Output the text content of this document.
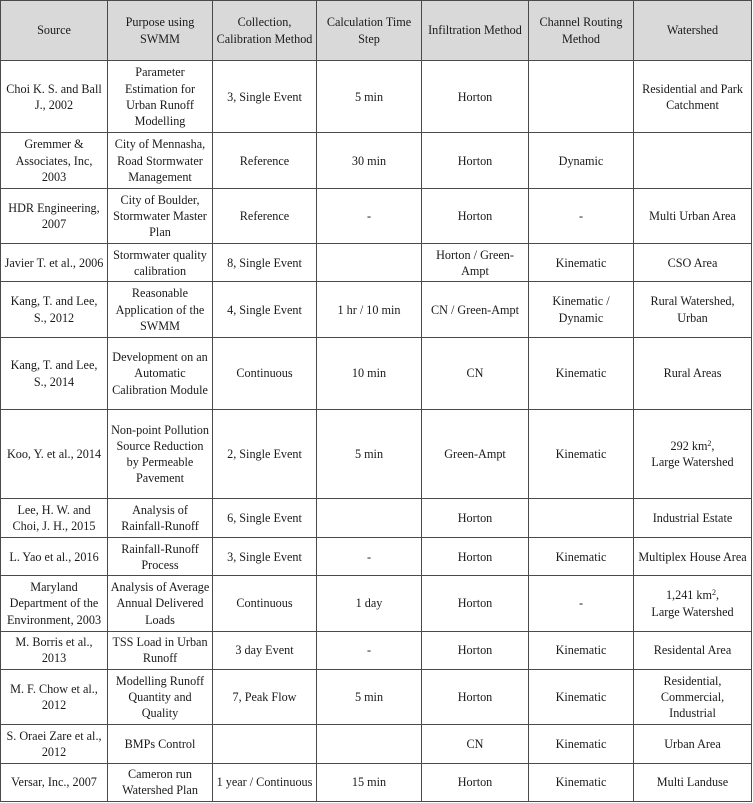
Source	Purpose using SWMM	Collection, Calibration Method	Calculation Time Step	Infiltration Method	Channel Routing Method	Watershed
Choi K. S. and Ball J., 2002	Parameter Estimation for Urban Runoff Modelling	3, Single Event	5 min	Horton		Residential and Park Catchment
Gremmer & Associates, Inc, 2003	City of Mennasha, Road Stormwater Management	Reference	30 min	Horton	Dynamic	
HDR Engineering, 2007	City of Boulder, Stormwater Master Plan	Reference	-	Horton	-	Multi Urban Area
Javier T. et al., 2006	Stormwater quality calibration	8, Single Event		Horton / Green-Ampt	Kinematic	CSO Area
Kang, T. and Lee, S., 2012	Reasonable Application of the SWMM	4, Single Event	1 hr / 10 min	CN / Green-Ampt	Kinematic / Dynamic	Rural Watershed, Urban
Kang, T. and Lee, S., 2014	Development on an Automatic Calibration Module	Continuous	10 min	CN	Kinematic	Rural Areas
Koo, Y. et al., 2014	Non-point Pollution Source Reduction by Permeable Pavement	2, Single Event	5 min	Green-Ampt	Kinematic	292 $km^2$,
Large Watershed
Lee, H. W. and Choi, J. H., 2015	Analysis of Rainfall-Runoff	6, Single Event		Horton		Industrial Estate
L. Yao et al., 2016	Rainfall-Runoff Process	3, Single Event	-	Horton	Kinematic	Multiplex House Area
Maryland Department of the Environment, 2003	Analysis of Average Annual Delivered Loads	Continuous	1 day	Horton	-	1,241 $km^2$,
Large Watershed
M. Borris et al., 2013	TSS Load in Urban Runoff	3 day Event	-	Horton	Kinematic	Residental Area
M. F. Chow et al., 2012	Modelling Runoff Quantity and Quality	7, Peak Flow	5 min	Horton	Kinematic	Residential, Commercial, Industrial
S. Oraei Zare et al., 2012	BMPs Control			CN	Kinematic	Urban Area
Versar, Inc., 2007	Cameron run Watershed Plan	1 year / Continuous	15 min	Horton	Kinematic	Multi Landuse
